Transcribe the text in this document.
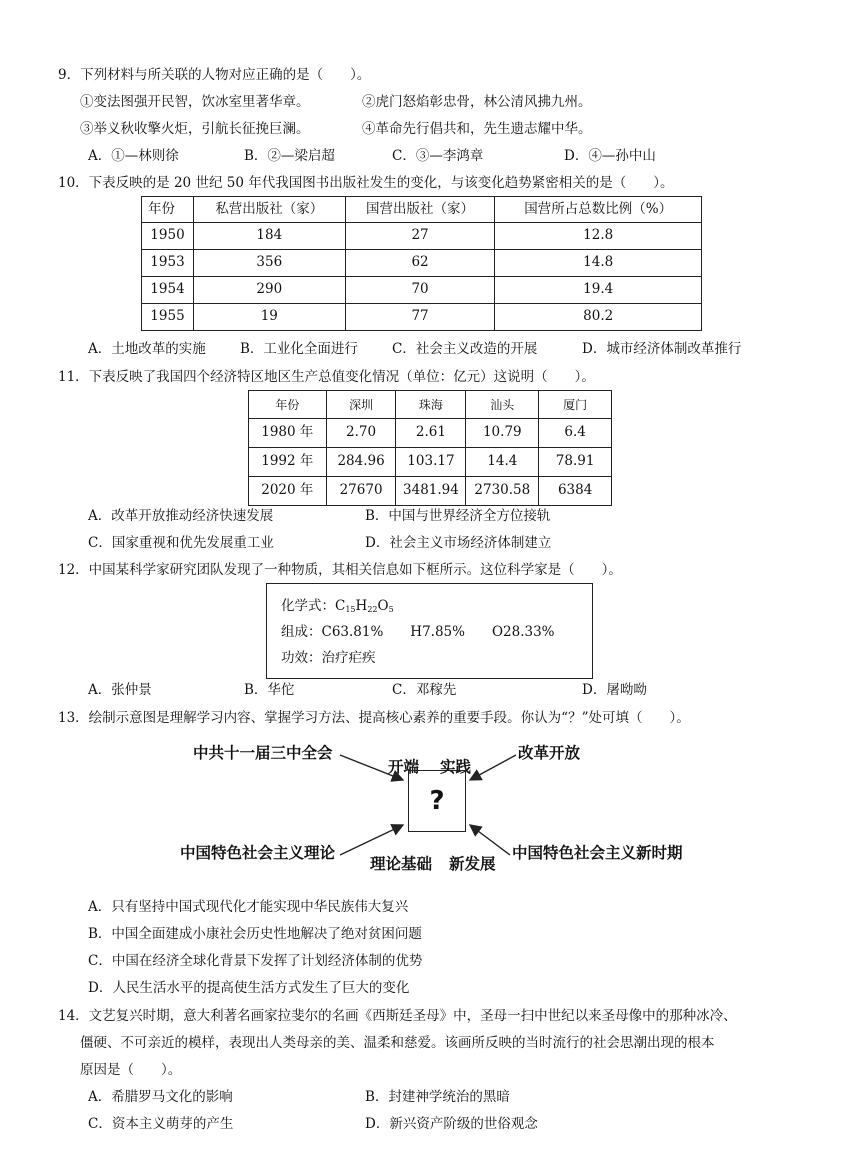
9．下列材料与所关联的人物对应正确的是（　　）。
①变法图强开民智，饮冰室里著华章。	②虎门怒焰彰忠骨，林公清风拂九州。
③举义秋收擎火炬，引航长征挽巨澜。	④革命先行倡共和，先生遗志耀中华。
A．①—林则徐	B．②—梁启超	C．③—李鸿章	D．④—孙中山
10．下表反映的是 20 世纪 50 年代我国图书出版社发生的变化，与该变化趋势紧密相关的是（　　）。
年份	私营出版社（家）	国营出版社（家）	国营所占总数比例（%）
1950	184	27	12.8
1953	356	62	14.8
1954	290	70	19.4
1955	19	77	80.2
A．土地改革的实施	B．工业化全面进行	C．社会主义改造的开展	D．城市经济体制改革推行
11．下表反映了我国四个经济特区地区生产总值变化情况（单位：亿元）这说明（　　）。
年份	深圳	珠海	汕头	厦门
1980 年	2.70	2.61	10.79	6.4
1992 年	284.96	103.17	14.4	78.91
2020 年	27670	3481.94	2730.58	6384
A．改革开放推动经济快速发展	B．中国与世界经济全方位接轨
C．国家重视和优先发展重工业	D．社会主义市场经济体制建立
12．中国某科学家研究团队发现了一种物质，其相关信息如下框所示。这位科学家是（　　）。
化学式：$C_{15}H_{22}O_5$
组成：C63.81%　　H7.85%　　O28.33%
功效：治疗疟疾
A．张仲景	B．华佗	C．邓稼先	D．屠呦呦
13．绘制示意图是理解学习内容、掌握学习方法、提高核心素养的重要手段。你认为“？”处可填（　　）。
中共十一届三中全会	改革开放
开端 实践
?
中国特色社会主义理论	中国特色社会主义新时期
理论基础 新发展
A．只有坚持中国式现代化才能实现中华民族伟大复兴
B．中国全面建成小康社会历史性地解决了绝对贫困问题
C．中国在经济全球化背景下发挥了计划经济体制的优势
D．人民生活水平的提高使生活方式发生了巨大的变化
14．文艺复兴时期，意大利著名画家拉斐尔的名画《西斯廷圣母》中，圣母一扫中世纪以来圣母像中的那种冰冷、
僵硬、不可亲近的模样，表现出人类母亲的美、温柔和慈爱。该画所反映的当时流行的社会思潮出现的根本
原因是（　　）。
A．希腊罗马文化的影响	B．封建神学统治的黑暗
C．资本主义萌芽的产生	D．新兴资产阶级的世俗观念
